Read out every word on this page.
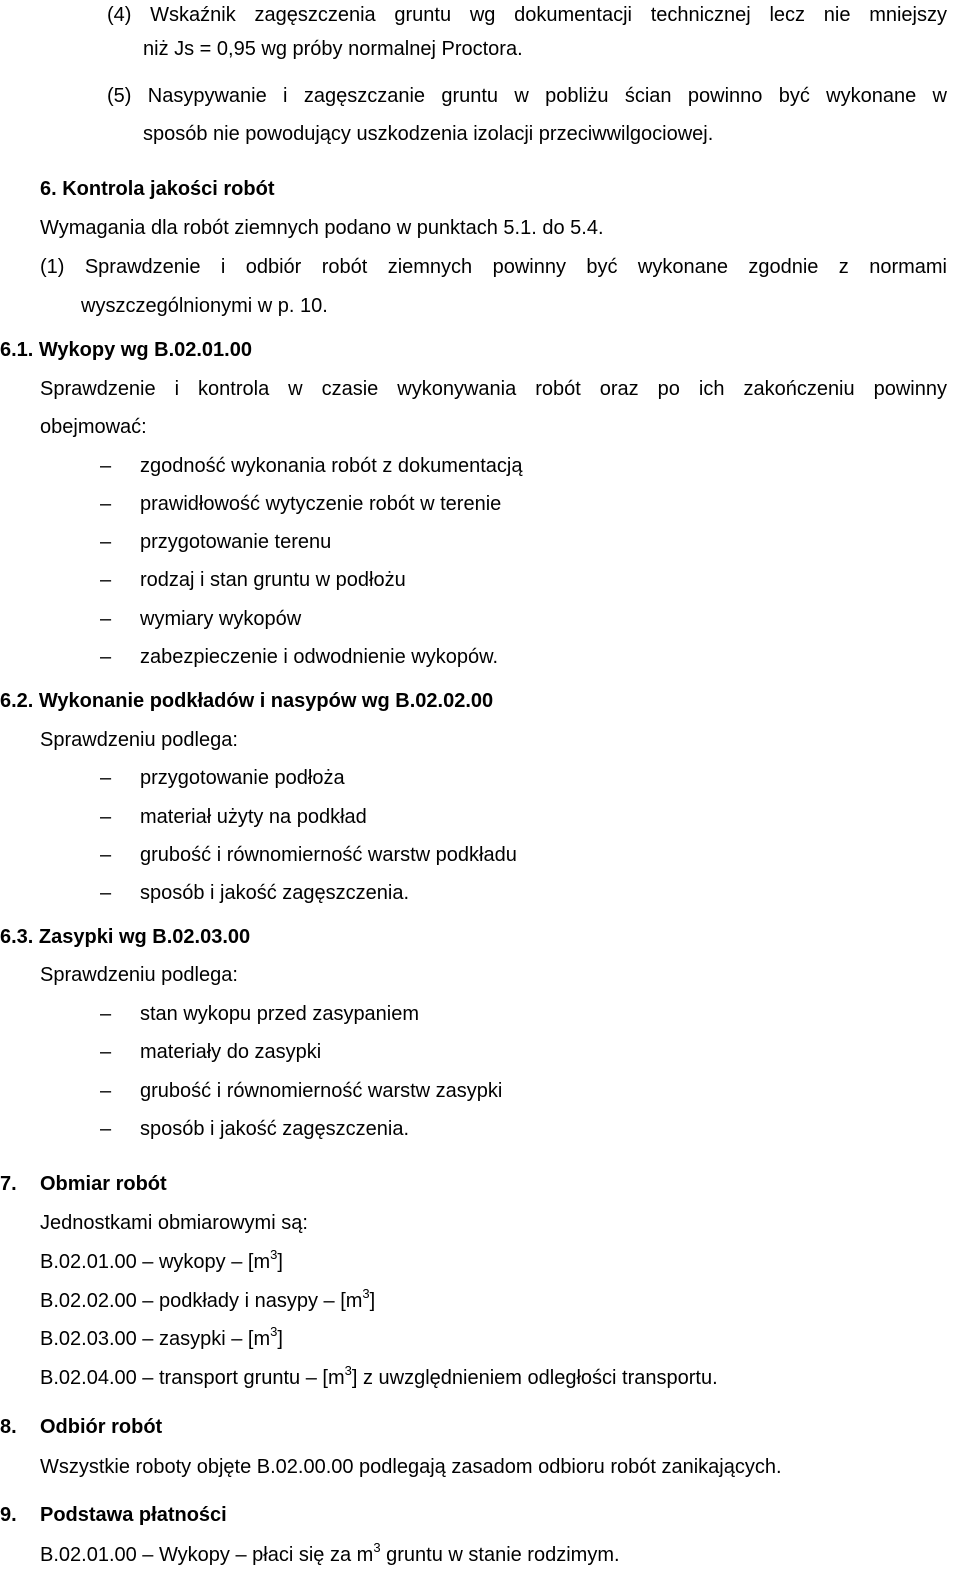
(4) Wskaźnik zagęszczenia gruntu wg dokumentacji technicznej lecz nie mniejszy
niż Js = 0,95 wg próby normalnej Proctora.
(5) Nasypywanie i zagęszczanie gruntu w pobliżu ścian powinno być wykonane w
sposób nie powodujący uszkodzenia izolacji przeciwwilgociowej.
6. Kontrola jakości robót
Wymagania dla robót ziemnych podano w punktach 5.1. do 5.4.
(1) Sprawdzenie i odbiór robót ziemnych powinny być wykonane zgodnie z normami
wyszczególnionymi w p. 10.
6.1. Wykopy wg B.02.01.00
Sprawdzenie i kontrola w czasie wykonywania robót oraz po ich zakończeniu powinny
obejmować:
– zgodność wykonania robót z dokumentacją
– prawidłowość wytyczenie robót w terenie
– przygotowanie terenu
– rodzaj i stan gruntu w podłożu
– wymiary wykopów
– zabezpieczenie i odwodnienie wykopów.
6.2. Wykonanie podkładów i nasypów wg B.02.02.00
Sprawdzeniu podlega:
– przygotowanie podłoża
– materiał użyty na podkład
– grubość i równomierność warstw podkładu
– sposób i jakość zagęszczenia.
6.3. Zasypki wg B.02.03.00
Sprawdzeniu podlega:
– stan wykopu przed zasypaniem
– materiały do zasypki
– grubość i równomierność warstw zasypki
– sposób i jakość zagęszczenia.
7. Obmiar robót
Jednostkami obmiarowymi są:
B.02.01.00 – wykopy – $[m^3]$
B.02.02.00 – podkłady i nasypy – $[m^3]$
B.02.03.00 – zasypki – $[m^3]$
B.02.04.00 – transport gruntu – $[m^3]$ z uwzględnieniem odległości transportu.
8. Odbiór robót
Wszystkie roboty objęte B.02.00.00 podlegają zasadom odbioru robót zanikających.
9. Podstawa płatności
B.02.01.00 – Wykopy – płaci się za $m^3$ gruntu w stanie rodzimym.
